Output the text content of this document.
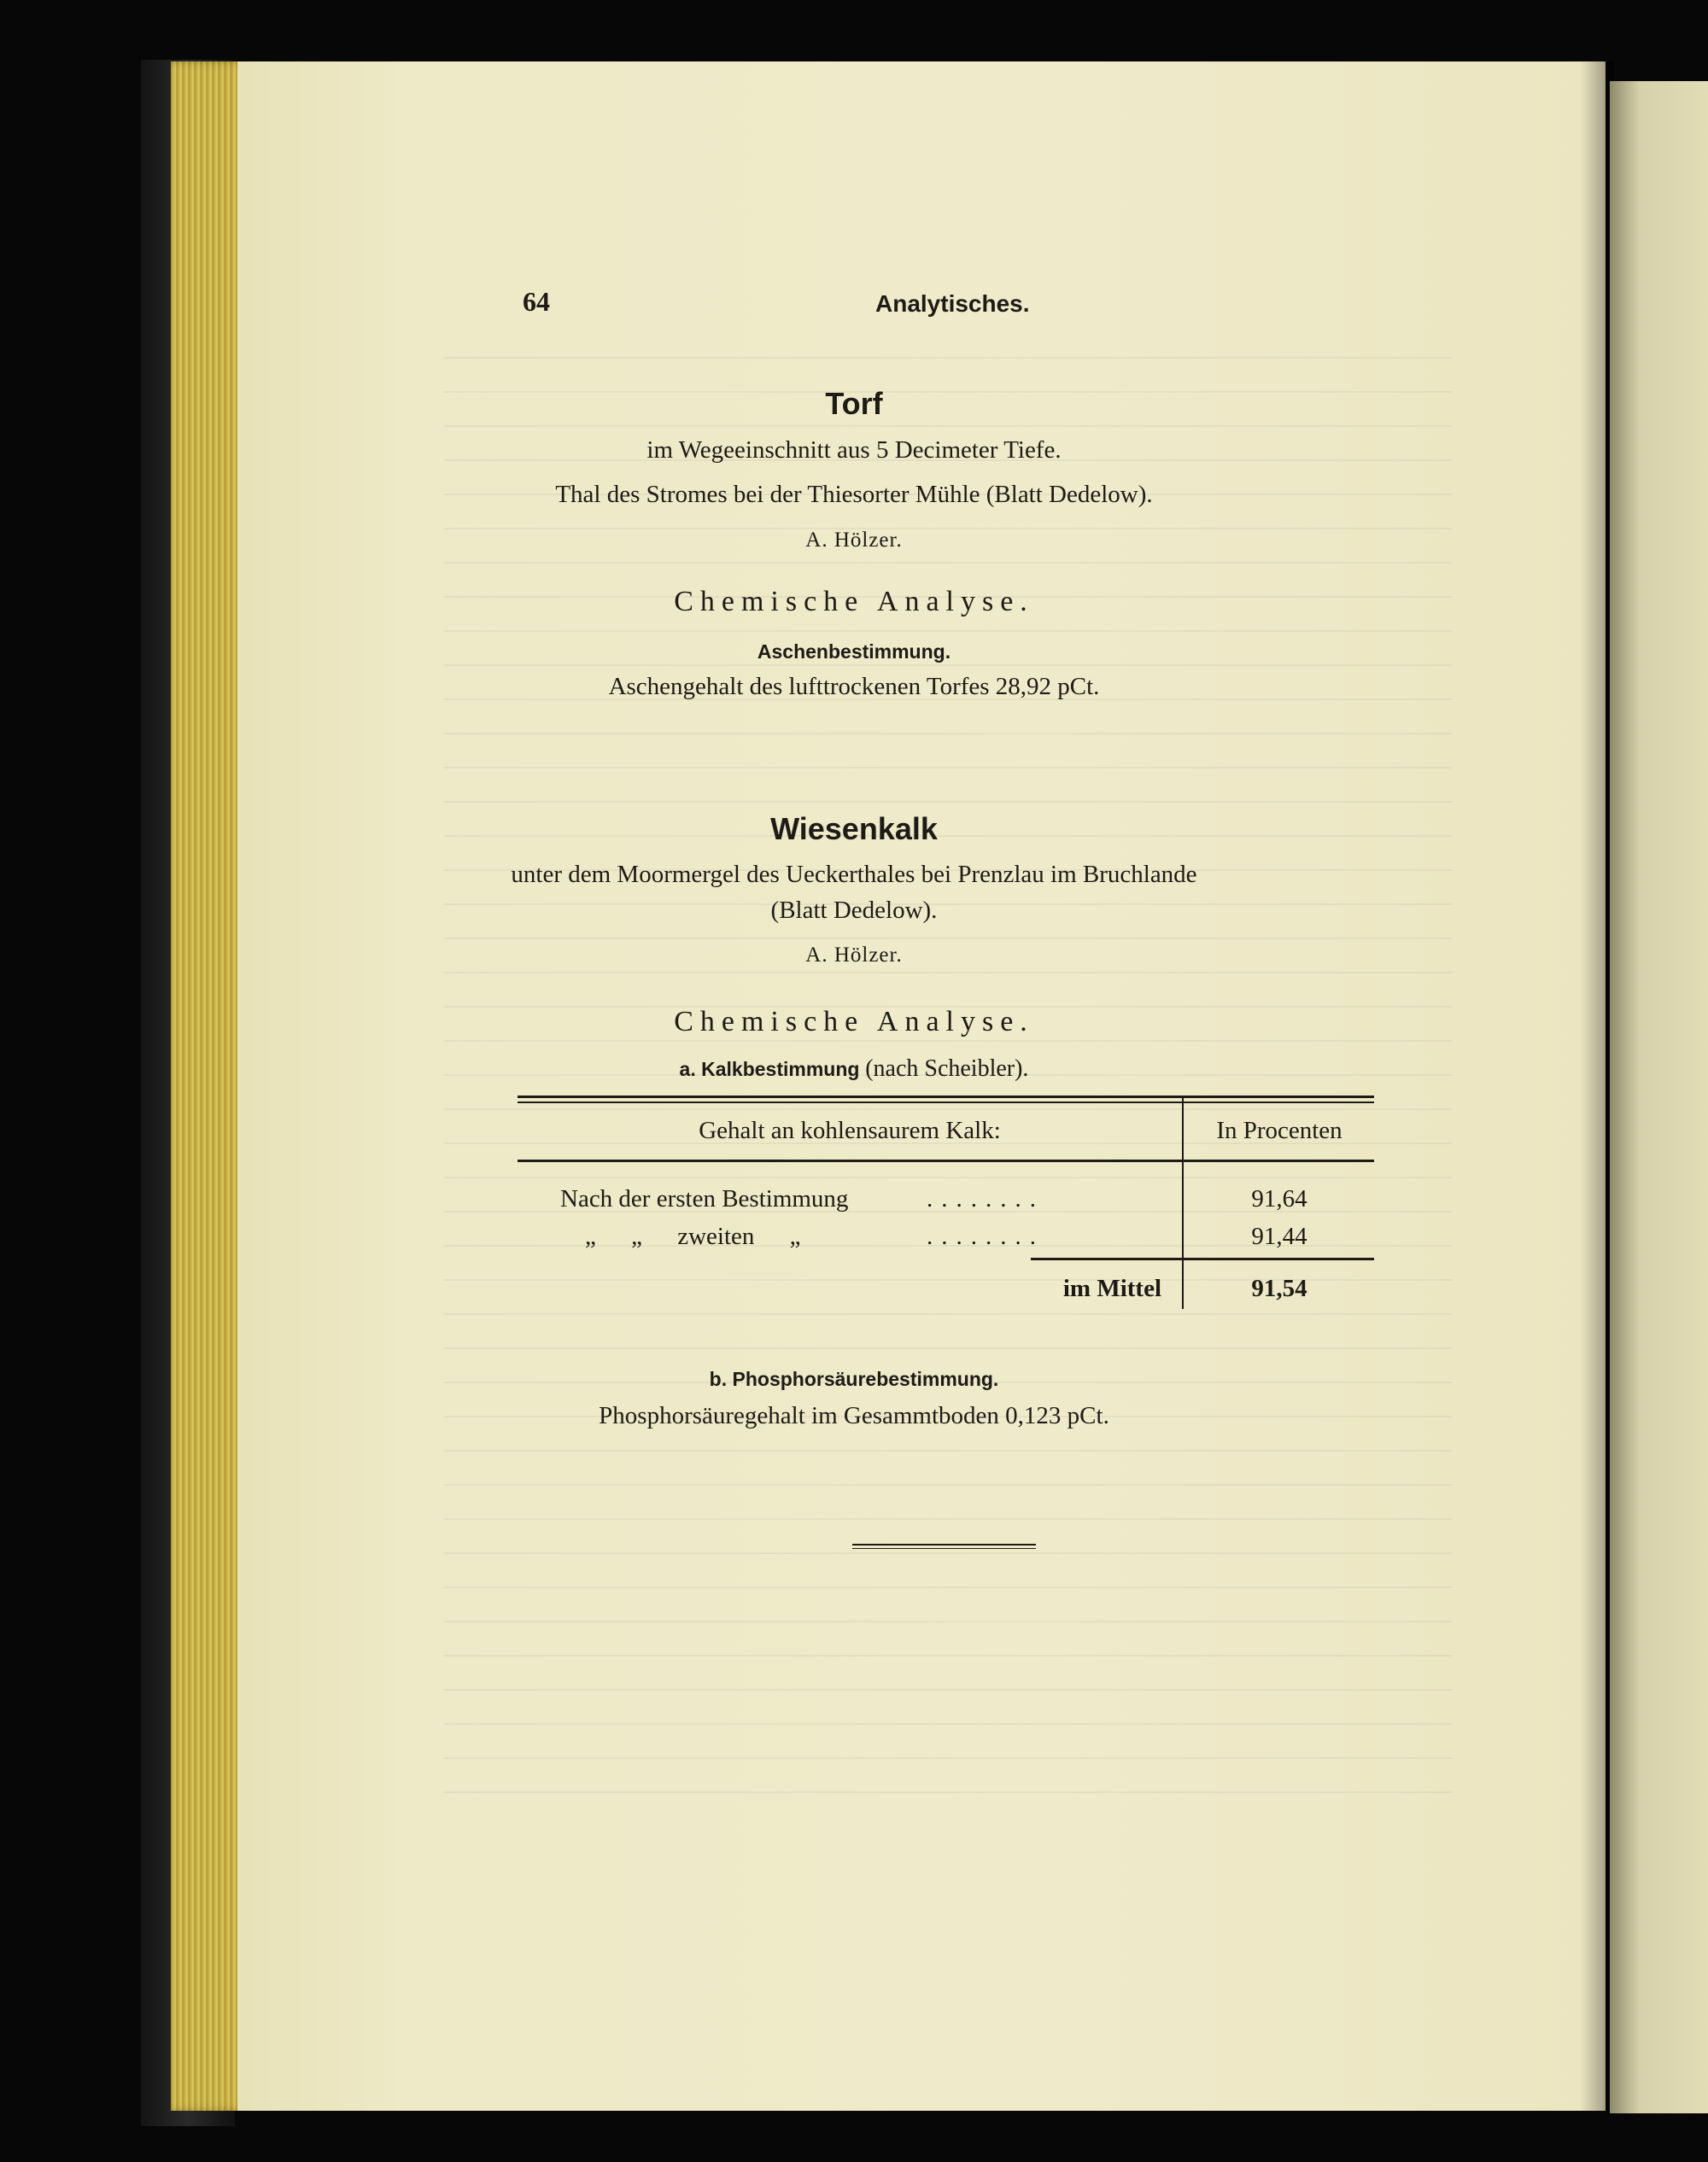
64	Analytisches.
Torf
im Wegeeinschnitt aus 5 Decimeter Tiefe.
Thal des Stromes bei der Thiesorter Mühle (Blatt Dedelow).
A. Hölzer.
Chemische Analyse.
Aschenbestimmung.
Aschengehalt des lufttrockenen Torfes 28,92 pCt.
Wiesenkalk
unter dem Moormergel des Ueckerthales bei Prenzlau im Bruchlande
(Blatt Dedelow).
A. Hölzer.
Chemische Analyse.
a. Kalkbestimmung (nach Scheibler).
Gehalt an kohlensaurem Kalk:	In Procenten
Nach der ersten Bestimmung	........	91,64
„ „ zweiten „	........	91,44
im Mittel	91,54
b. Phosphorsäurebestimmung.
Phosphorsäuregehalt im Gesammtboden 0,123 pCt.
